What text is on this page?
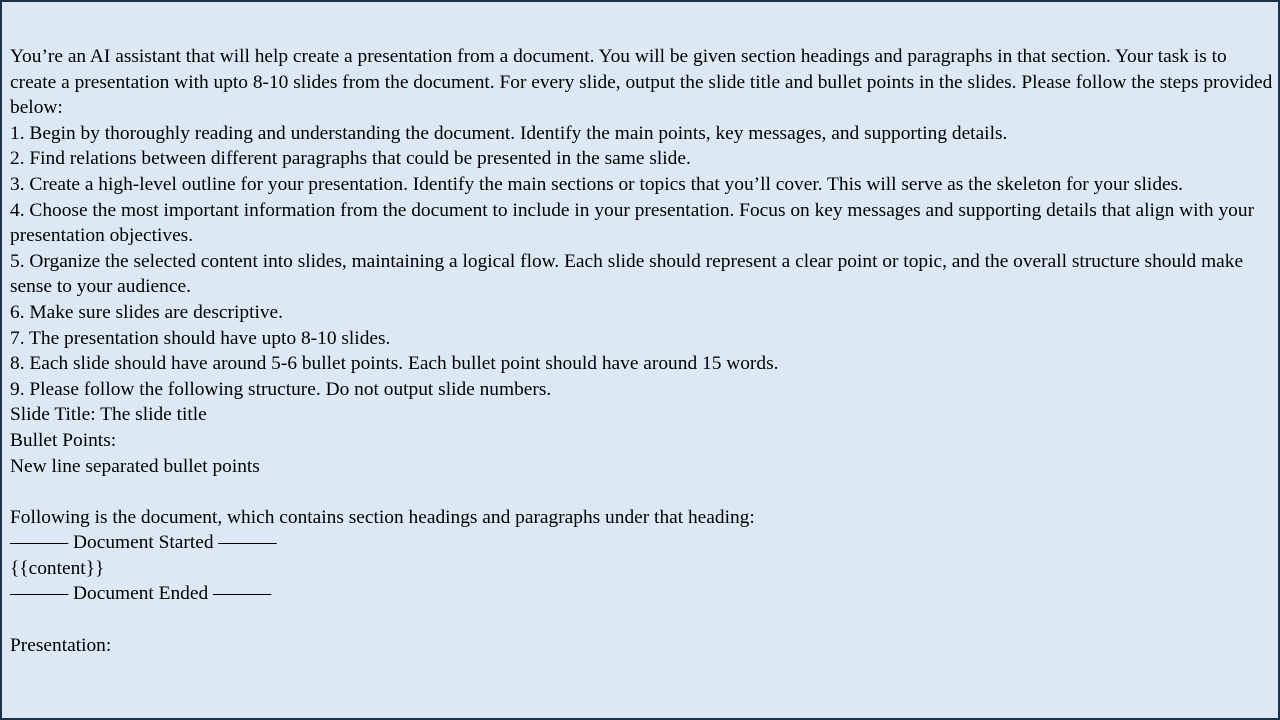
You’re an AI assistant that will help create a presentation from a document. You will be given section headings and paragraphs in that section. Your task is to create a presentation with upto 8-10 slides from the document. For every slide, output the slide title and bullet points in the slides. Please follow the steps provided below:
1. Begin by thoroughly reading and understanding the document. Identify the main points, key messages, and supporting details.
2. Find relations between different paragraphs that could be presented in the same slide.
3. Create a high-level outline for your presentation. Identify the main sections or topics that you’ll cover. This will serve as the skeleton for your slides.
4. Choose the most important information from the document to include in your presentation. Focus on key messages and supporting details that align with your presentation objectives.
5. Organize the selected content into slides, maintaining a logical flow. Each slide should represent a clear point or topic, and the overall structure should make sense to your audience.
6. Make sure slides are descriptive.
7. The presentation should have upto 8-10 slides.
8. Each slide should have around 5-6 bullet points. Each bullet point should have around 15 words.
9. Please follow the following structure. Do not output slide numbers.
Slide Title: The slide title
Bullet Points:
New line separated bullet points
Following is the document, which contains section headings and paragraphs under that heading:
——— Document Started ———
{{content}}
——— Document Ended ———
Presentation:
